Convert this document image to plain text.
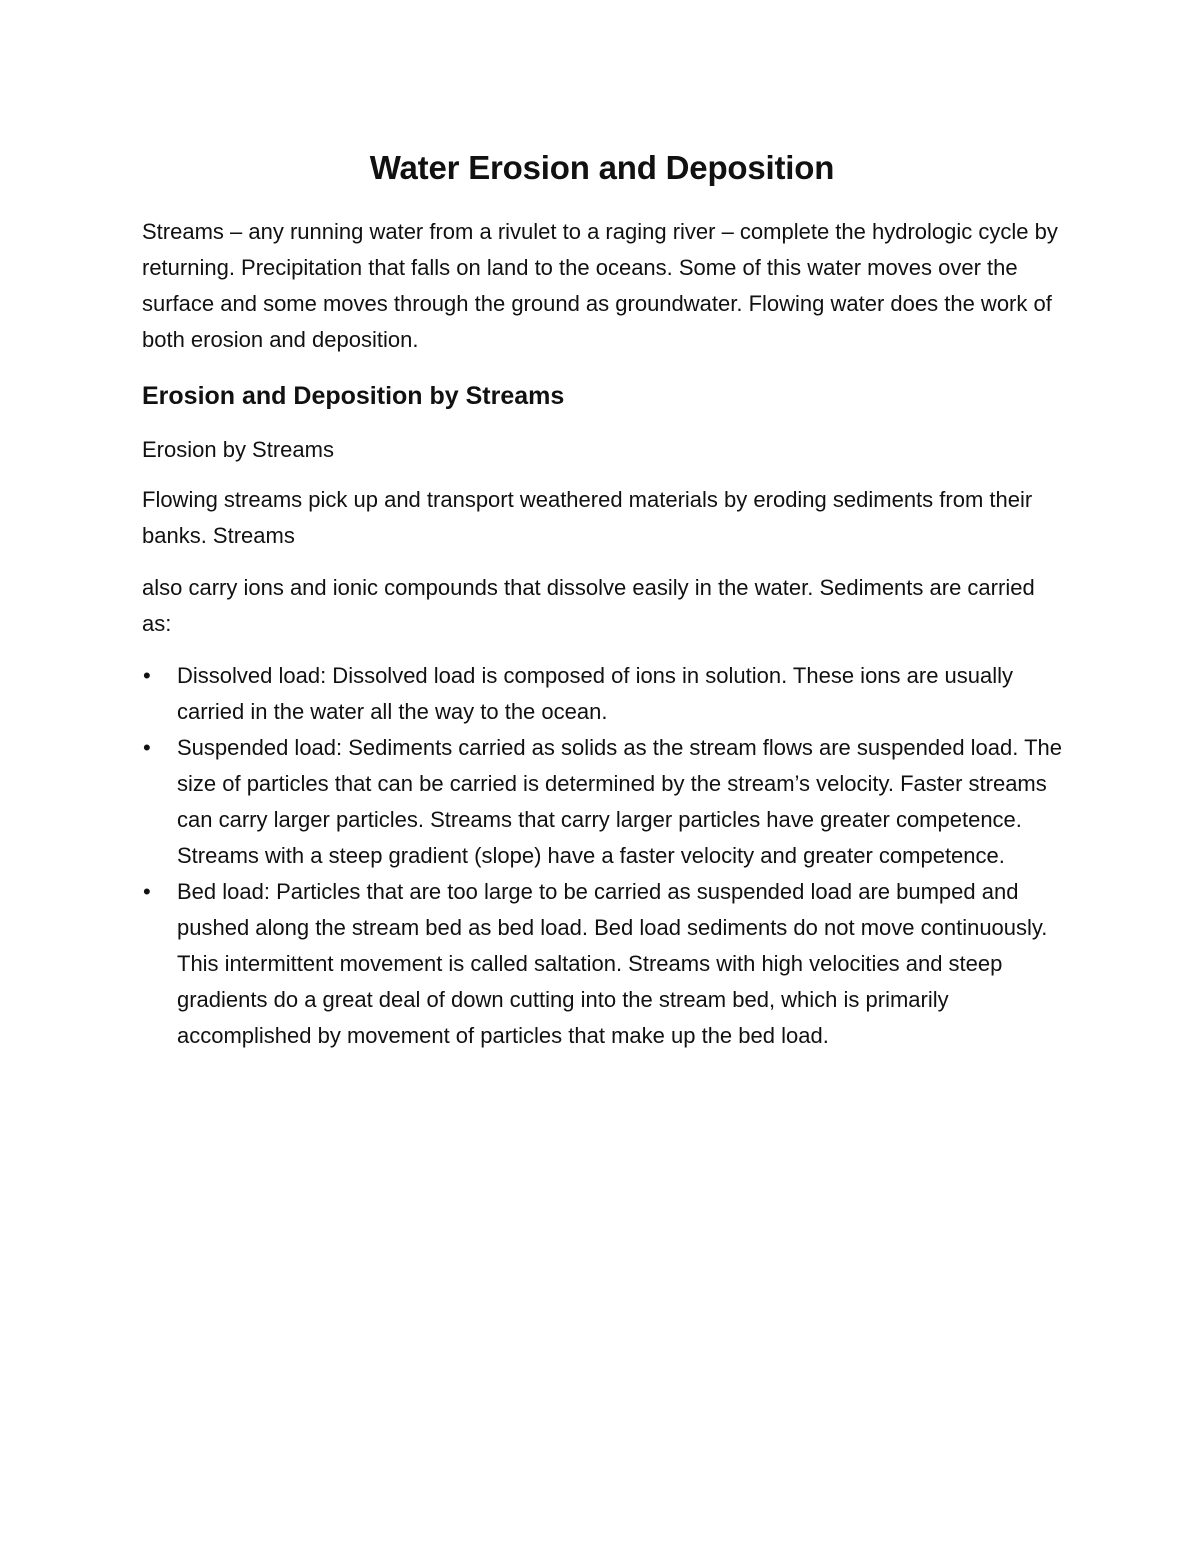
Water Erosion and Deposition

Streams – any running water from a rivulet to a raging river – complete the hydrologic cycle by returning. Precipitation that falls on land to the oceans. Some of this water moves over the surface and some moves through the ground as groundwater. Flowing water does the work of both erosion and deposition.

Erosion and Deposition by Streams

Erosion by Streams

Flowing streams pick up and transport weathered materials by eroding sediments from their banks. Streams

also carry ions and ionic compounds that dissolve easily in the water. Sediments are carried as:

• Dissolved load: Dissolved load is composed of ions in solution. These ions are usually carried in the water all the way to the ocean.
• Suspended load: Sediments carried as solids as the stream flows are suspended load. The size of particles that can be carried is determined by the stream’s velocity. Faster streams can carry larger particles. Streams that carry larger particles have greater competence. Streams with a steep gradient (slope) have a faster velocity and greater competence.
• Bed load: Particles that are too large to be carried as suspended load are bumped and pushed along the stream bed as bed load. Bed load sediments do not move continuously. This intermittent movement is called saltation. Streams with high velocities and steep gradients do a great deal of down cutting into the stream bed, which is primarily accomplished by movement of particles that make up the bed load.
